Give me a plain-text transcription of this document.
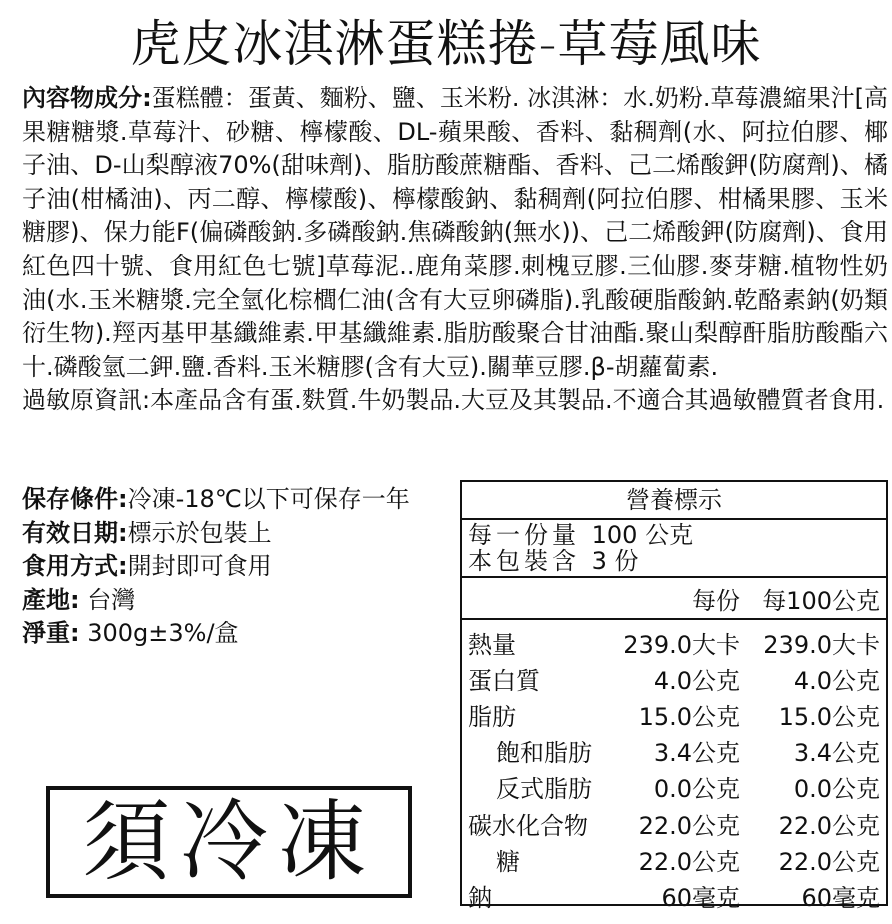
虎皮冰淇淋蛋糕捲-草莓風味

內容物成分:蛋糕體：蛋黃、麵粉、鹽、玉米粉. 冰淇淋：水.奶粉.草莓濃縮果汁[高果糖糖漿.草莓汁、砂糖、檸檬酸、DL-蘋果酸、香料、黏稠劑(水、阿拉伯膠、椰子油、D-山梨醇液70%(甜味劑)、脂肪酸蔗糖酯、香料、己二烯酸鉀(防腐劑)、橘子油(柑橘油)、丙二醇、檸檬酸)、檸檬酸鈉、黏稠劑(阿拉伯膠、柑橘果膠、玉米糖膠)、保力能F(偏磷酸鈉.多磷酸鈉.焦磷酸鈉(無水))、己二烯酸鉀(防腐劑)、食用紅色四十號、食用紅色七號]草莓泥..鹿角菜膠.刺槐豆膠.三仙膠.麥芽糖.植物性奶油(水.玉米糖漿.完全氫化棕櫚仁油(含有大豆卵磷脂).乳酸硬脂酸鈉.乾酪素鈉(奶類衍生物).羥丙基甲基纖維素.甲基纖維素.脂肪酸聚合甘油酯.聚山梨醇酐脂肪酸酯六十.磷酸氫二鉀.鹽.香料.玉米糖膠(含有大豆).關華豆膠.β-胡蘿蔔素.

過敏原資訊:本產品含有蛋.麩質.牛奶製品.大豆及其製品.不適合其過敏體質者食用.

保存條件:冷凍-18℃以下可保存一年
有效日期:標示於包裝上
食用方式:開封即可食用
產地: 台灣
淨重: 300g±3%/盒
須冷凍
營養標示
每一份量 100 公克
本包裝含 3 份
每份 每100公克
熱量	239.0大卡 239.0大卡
蛋白質	4.0公克	4.0公克
脂肪	15.0公克	15.0公克
飽和脂肪	3.4公克	3.4公克
反式脂肪	0.0公克	0.0公克
碳水化合物	22.0公克	22.0公克
糖	22.0公克	22.0公克
鈉	60毫克	60毫克
